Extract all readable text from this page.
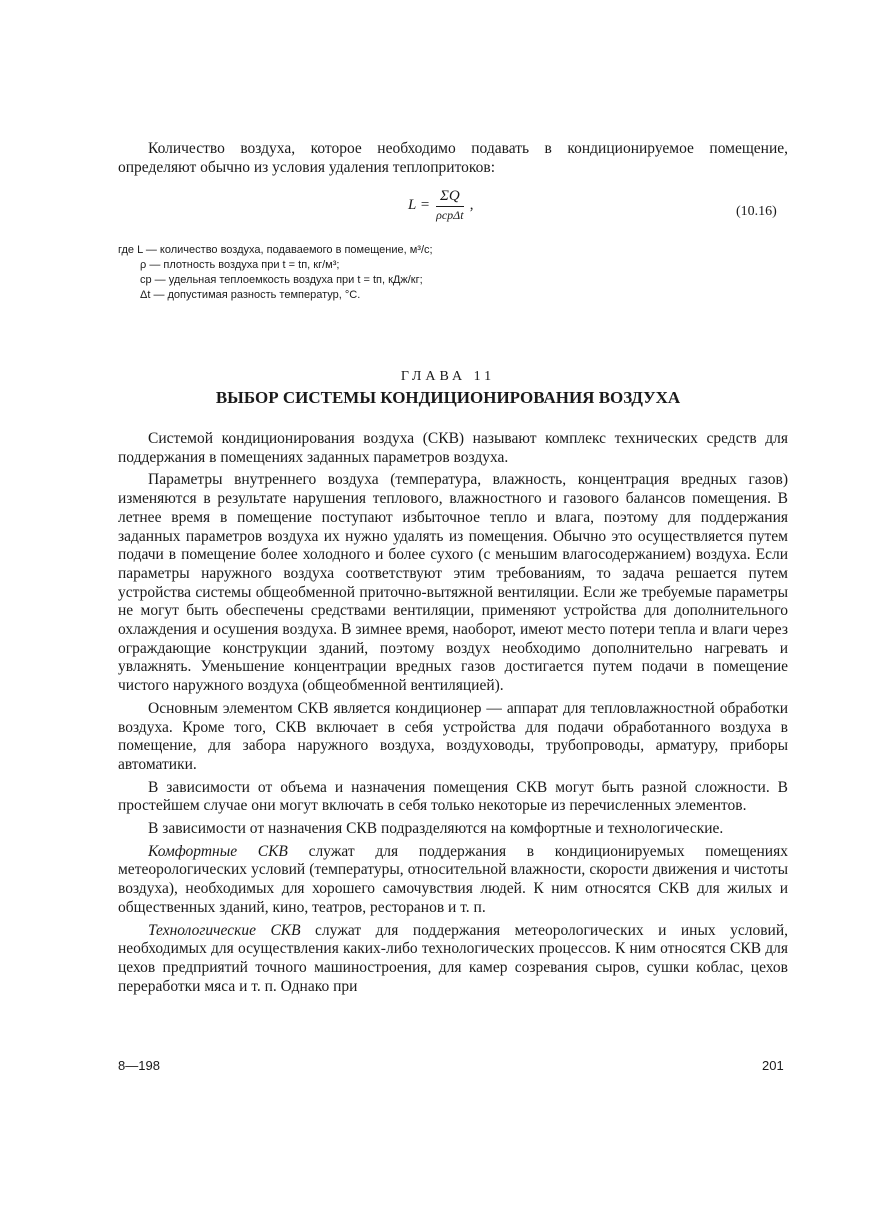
Количество воздуха, которое необходимо подавать в кондиционируемое помещение, определяют обычно из условия удаления теплопритоков:

$L = \frac{\Sigma Q}{\text{ρcpΔt}}$ ,	(10.16)
где L — количество воздуха, подаваемого в помещение, м³/с;
ρ — плотность воздуха при t = tп, кг/м³;
cр — удельная теплоемкость воздуха при t = tп, кДж/кг;
Δt — допустимая разность температур, °С.
ГЛАВА 11
ВЫБОР СИСТЕМЫ КОНДИЦИОНИРОВАНИЯ ВОЗДУХА

Системой кондиционирования воздуха (СКВ) называют комплекс технических средств для поддержания в помещениях заданных параметров воздуха.

Параметры внутреннего воздуха (температура, влажность, концентрация вредных газов) изменяются в результате нарушения теплового, влажностного и газового балансов помещения. В летнее время в помещение поступают избыточное тепло и влага, поэтому для поддержания заданных параметров воздуха их нужно удалять из помещения. Обычно это осуществляется путем подачи в помещение более холодного и более сухого (с меньшим влагосодержанием) воздуха. Если параметры наружного воздуха соответствуют этим требованиям, то задача решается путем устройства системы общеобменной приточно-вытяжной вентиляции. Если же требуемые параметры не могут быть обеспечены средствами вентиляции, применяют устройства для дополнительного охлаждения и осушения воздуха. В зимнее время, наоборот, имеют место потери тепла и влаги через ограждающие конструкции зданий, поэтому воздух необходимо дополнительно нагревать и увлажнять. Уменьшение концентрации вредных газов достигается путем подачи в помещение чистого наружного воздуха (общеобменной вентиляцией).

Основным элементом СКВ является кондиционер — аппарат для тепловлажностной обработки воздуха. Кроме того, СКВ включает в себя устройства для подачи обработанного воздуха в помещение, для забора наружного воздуха, воздуховоды, трубопроводы, арматуру, приборы автоматики.

В зависимости от объема и назначения помещения СКВ могут быть разной сложности. В простейшем случае они могут включать в себя только некоторые из перечисленных элементов.

В зависимости от назначения СКВ подразделяются на комфортные и технологические.

Комфортные СКВ служат для поддержания в кондиционируемых помещениях метеорологических условий (температуры, относительной влажности, скорости движения и чистоты воздуха), необходимых для хорошего самочувствия людей. К ним относятся СКВ для жилых и общественных зданий, кино, театров, ресторанов и т. п.

Технологические СКВ служат для поддержания метеорологических и иных условий, необходимых для осуществления каких-либо технологических процессов. К ним относятся СКВ для цехов предприятий точного машиностроения, для камер созревания сыров, сушки коблас, цехов переработки мяса и т. п. Однако при

8—198	201
